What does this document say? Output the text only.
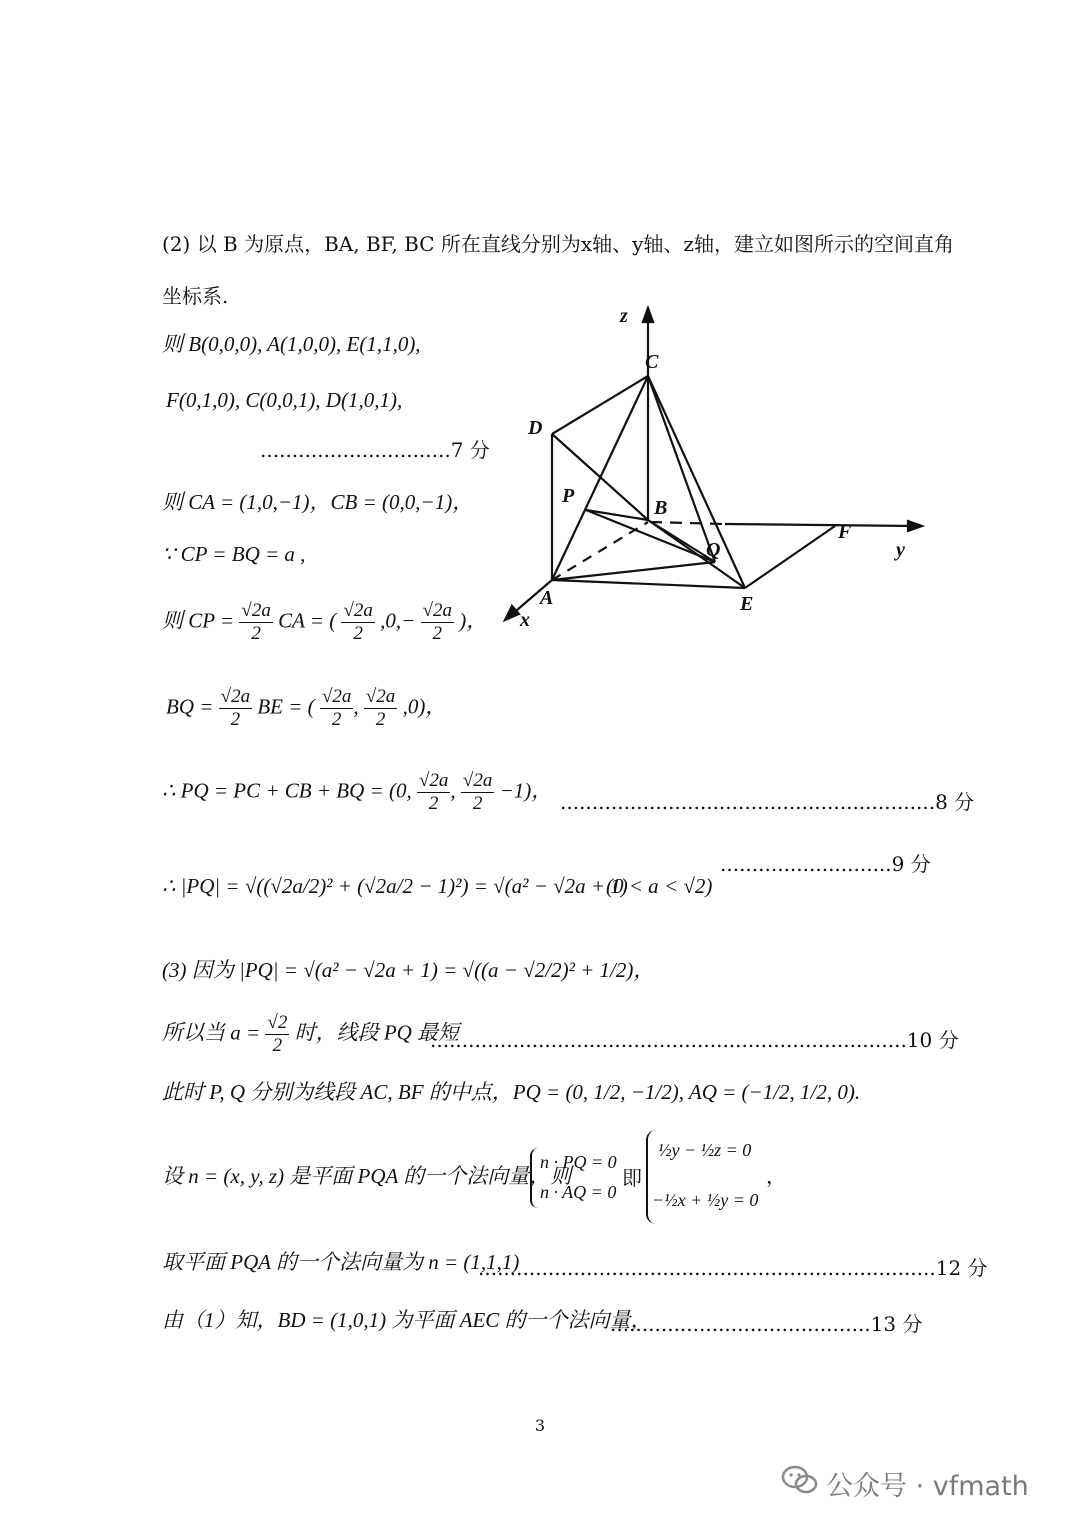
(2) 以 B 为原点，BA, BF, BC 所在直线分别为x轴、y轴、z轴，建立如图所示的空间直角
坐标系.
则 B(0,0,0), A(1,0,0), E(1,1,0),
F(0,1,0), C(0,0,1), D(1,0,1),
..............................7 分
则 CA = (1,0,−1)，CB = (0,0,−1)，
∵ CP = BQ = a ,
则 CP = $\frac{√2a}{2}$ CA = ( $\frac{√2a}{2} ,0,- \frac{√2a}{2}$ )，
BQ = $\frac{√2a}{2}$ BE = ( $\frac{√2a}{2}$ , $\frac{√2a}{2} ,0$)，
∴ PQ = PC + CB + BQ = (0, $\frac{√2a}{2}$ , $\frac{√2a}{2} -1$)， ...........................................................8 分
∴ |PQ| = √((√2a/2)² + (√2a/2 − 1)²) = √(a² − √2a + 1)
(0 < a < √2)
...........................9 分
(3) 因为 |PQ| = √(a² − √2a + 1) = √((a − √2/2)² + 1/2)，
所以当 $a = \frac{√2}{2}$ 时，线段 PQ 最短
...........................................................................10 分
此时 P, Q 分别为线段 AC, BF 的中点，PQ = (0, 1/2, −1/2), AQ = (−1/2, 1/2, 0).
设 n = (x, y, z) 是平面 PQA 的一个法向量，则
n · PQ = 0
n · AQ = 0
即
½y − ½z = 0
−½x + ½y = 0
，
取平面 PQA 的一个法向量为 n = (1,1,1)
........................................................................12 分
由（1）知，BD = (1,0,1) 为平面 AEC 的一个法向量，
.........................................13 分
z
y
x
C
D
P
B
F
Q
A	E
3
公众号 · vfmath
